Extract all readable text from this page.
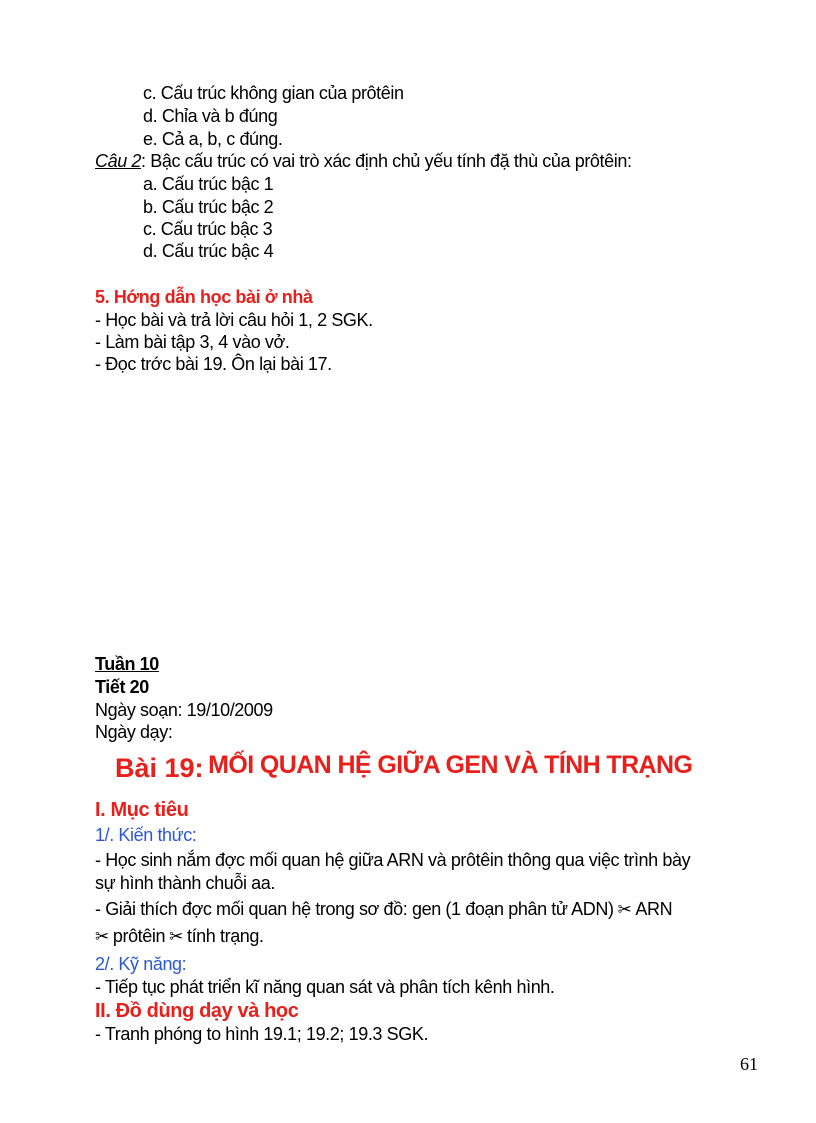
c. Cấu trúc không gian của prôtêin
d. Chỉa và b đúng
e. Cả a, b, c đúng.
Câu 2: Bậc cấu trúc có vai trò xác định chủ yếu tính đặ thù của prôtêin:
a. Cấu trúc bậc 1
b. Cấu trúc bậc 2
c. Cấu trúc bậc 3
d. Cấu trúc bậc 4
5. Hớng dẫn học bài ở nhà
- Học bài và trả lời câu hỏi 1, 2 SGK.
- Làm bài tập 3, 4 vào vở.
- Đọc trớc bài 19. Ôn lại bài 17.
Tuần 10
Tiết 20
Ngày soạn: 19/10/2009
Ngày dạy:
Bài 19: MỐI QUAN HỆ GIỮA GEN VÀ TÍNH TRẠNG
I. Mục tiêu
1/. Kiến thức:
- Học sinh nắm đợc mối quan hệ giữa ARN và prôtêin thông qua việc trình bày
sự hình thành chuỗi aa.
- Giải thích đợc mối quan hệ trong sơ đồ: gen (1 đoạn phân tử ADN) ✂ ARN
✂ prôtêin ✂ tính trạng.
2/. Kỹ năng:
- Tiếp tục phát triển kĩ năng quan sát và phân tích kênh hình.
II. Đồ dùng dạy và học
- Tranh phóng to hình 19.1; 19.2; 19.3 SGK.
61
